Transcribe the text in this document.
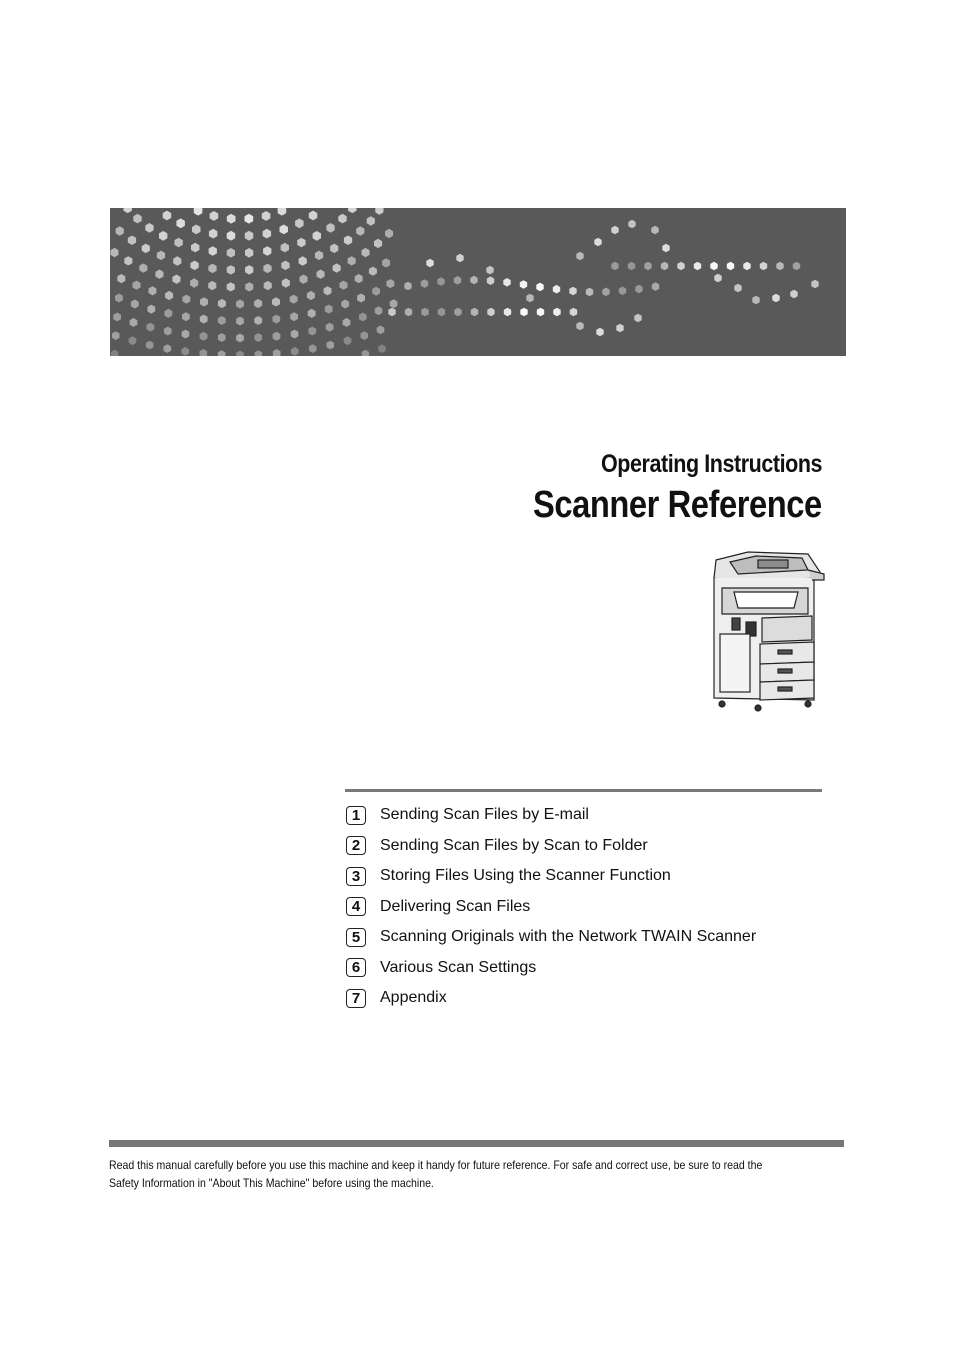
Operating Instructions
Scanner Reference
1	Sending Scan Files by E-mail
2	Sending Scan Files by Scan to Folder
3	Storing Files Using the Scanner Function
4	Delivering Scan Files
5	Scanning Originals with the Network TWAIN Scanner
6	Various Scan Settings
7	Appendix
Read this manual carefully before you use this machine and keep it handy for future reference. For safe and correct use, be sure to read the
Safety Information in "About This Machine" before using the machine.
